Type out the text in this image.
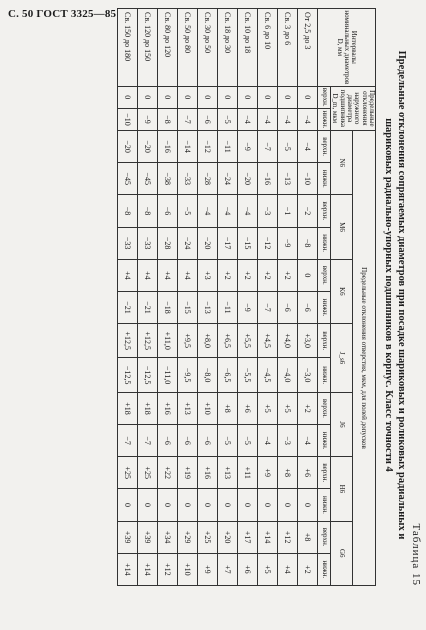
С. 50 ГОСТ 3325—85
Таблица 15
Предельные отклонения сопрягаемых диаметров при посадке шариковых и роликовых радиальных и
шариковых радиально-упорных подшипников в корпус. Класс точности 4
Интервалы номинальных диаметров D, мм	Предельные отклонения наружного диаметра подшипника D_m, мкм		Предельные отклонения отверстия, мкм, для полей допусков													
			N6		M6		K6		J_s6		J6		H6		G6	
	верхн.	нижн.	верхн.	нижн.	верхн.	нижн.	верхн.	нижн.	верхн.	нижн.	верхн.	нижн.	верхн.	нижн.	верхн.	нижн.
От 2,5 до 3	0	−4	−4	−10	−2	−8	0	−6	+3,0	−3,0	+2	−4	+6	0	+8	+2
Св. 3 до 6	0	−4	−5	−13	−1	−9	+2	−6	+4,0	−4,0	+5	−3	+8	0	+12	+4
Св. 6 до 10	0	−4	−7	−16	−3	−12	+2	−7	+4,5	−4,5	+5	−4	+9	0	+14	+5
Св. 10 до 18	0	−4	−9	−20	−4	−15	+2	−9	+5,5	−5,5	+6	−5	+11	0	+17	+6
Св. 18 до 30	0	−5	−11	−24	−4	−17	+2	−11	+6,5	−6,5	+8	−5	+13	0	+20	+7
Св. 30 до 50	0	−6	−12	−28	−4	−20	+3	−13	+8,0	−8,0	+10	−6	+16	0	+25	+9
Св. 50 до 80	0	−7	−14	−33	−5	−24	+4	−15	+9,5	−9,5	+13	−6	+19	0	+29	+10
Св. 80 до 120	0	−8	−16	−38	−6	−28	+4	−18	+11,0	−11,0	+16	−6	+22	0	+34	+12
Св. 120 до 150	0	−9	−20	−45	−8	−33	+4	−21	+12,5	−12,5	+18	−7	+25	0	+39	+14
Св. 150 до 180	0	−10	−20	−45	−8	−33	+4	−21	+12,5	−12,5	+18	−7	+25	0	+39	+14
